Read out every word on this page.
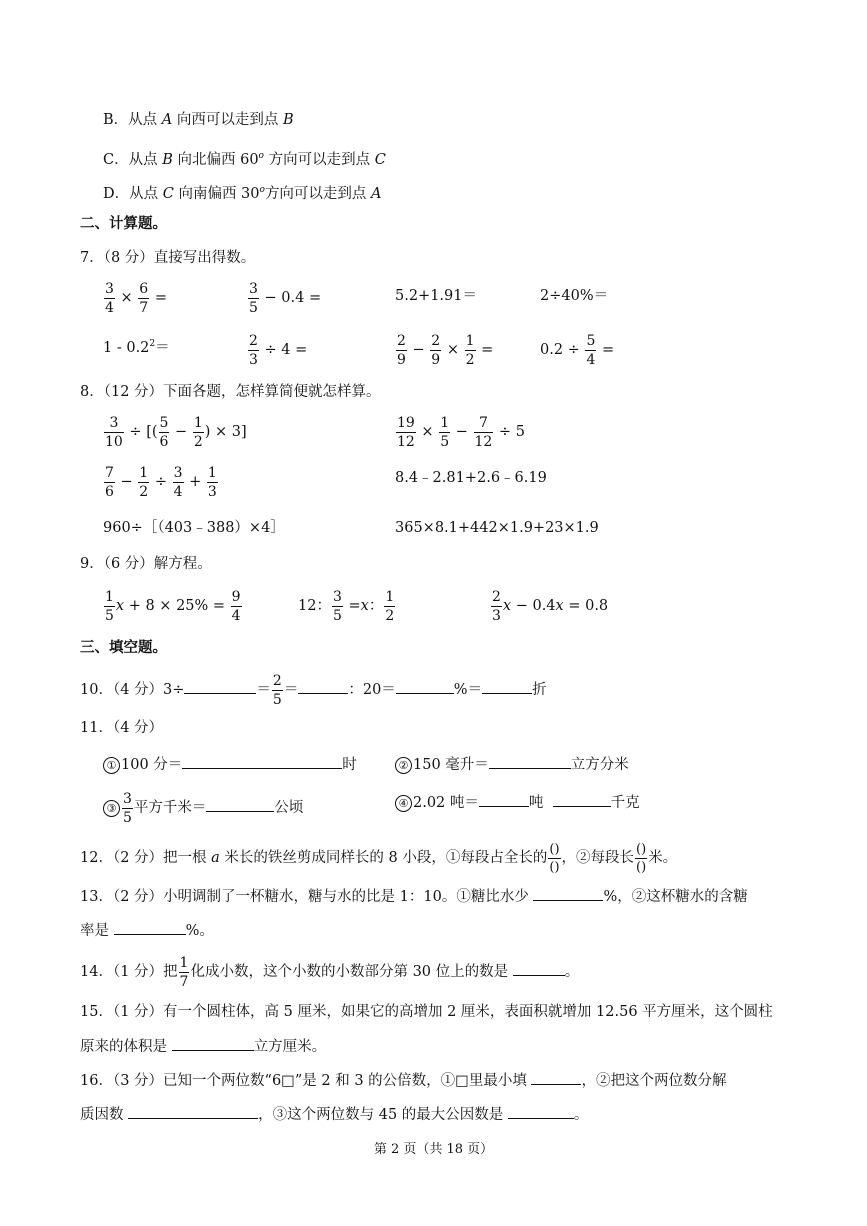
B．从点 A 向西可以走到点 B
C．从点 B 向北偏西 60$^o$ 方向可以走到点 C
D．从点 C 向南偏西 30$^o$方向可以走到点 A
二、计算题。
7．（8 分）直接写出得数。
$\frac{3}{4} \times \frac{6}{7}$ =	$\frac{3}{5} - 0.4$ =	5.2+1.91＝	2÷40%＝
$1 - 0.2^2=$	$\frac{2}{3} \div 4$ =	$\frac{2}{9} - \frac{2}{9} \times \frac{1}{2}$ =	$0.2 \div \frac{5}{4}$ =
8．（12 分）下面各题，怎样算简便就怎样算。
$\frac{3}{10}$ ÷ [( $\frac{5}{6} - \frac{1}{2}$ ) × 3]	$\frac{19}{12} \times \frac{1}{5} - \frac{7}{12} \div 5$
$\frac{7}{6} - \frac{1}{2} \div \frac{3}{4} + \frac{1}{3}$	8.4﹣2.81+2.6﹣6.19
960÷［（403﹣388）×4］	365×8.1+442×1.9+23×1.9
9．（6 分）解方程。
$\frac{1}{5}$ $x + 8 \times 25\% = \frac{9}{4}$	12： $\frac{3}{5} =x$： $\frac{1}{2}$	$\frac{2}{3}$ x − 0.4x = 0.8
三、填空题。
10．（4 分）3÷	＝ $\frac{2}{5}$ ＝	：20＝	%＝	折
11．（4 分）
① 100 分＝	时	② 150 毫升＝	立方分米
③ $\frac{3}{5}$ 平方千米＝	公顷	④ 2.02 吨＝	吨	千克
12．（2 分）把一根 a 米长的铁丝剪成同样长的 8 小段，①每段占全长的 $\frac{()}{()}$ ，②每段长 $\frac{()}{()}$ 米。
13．（2 分）小明调制了一杯糖水，糖与水的比是 1：10。①糖比水少	%，②这杯糖水的含糖
率是	%。
14．（1 分）把 $\frac{1}{7}$ 化成小数，这个小数的小数部分第 30 位上的数是	。
15．（1 分）有一个圆柱体，高 5 厘米，如果它的高增加 2 厘米，表面积就增加 12.56 平方厘米，这个圆柱
原来的体积是	立方厘米。
16．（3 分）已知一个两位数“6□”是 2 和 3 的公倍数，①□里最小填	，②把这个两位数分解
质因数	，③这个两位数与 45 的最大公因数是	。
第 2 页（共 18 页）
